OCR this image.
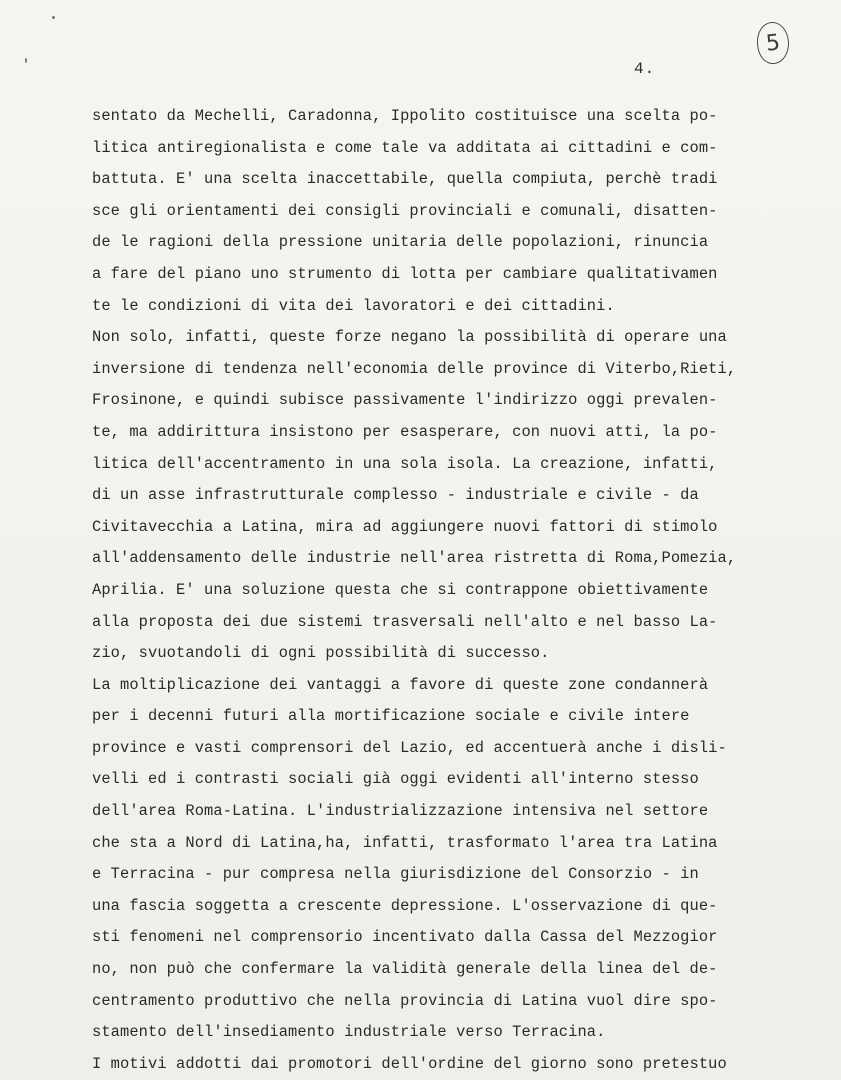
5
4.
sentato da Mechelli, Caradonna, Ippolito costituisce una scelta po-
litica antiregionalista e come tale va additata ai cittadini e com-
battuta. E' una scelta inaccettabile, quella compiuta, perchè tradi
sce gli orientamenti dei consigli provinciali e comunali, disatten-
de le ragioni della pressione unitaria delle popolazioni, rinuncia
a fare del piano uno strumento di lotta per cambiare qualitativamen
te le condizioni di vita dei lavoratori e dei cittadini.
Non solo, infatti, queste forze negano la possibilità di operare una
inversione di tendenza nell'economia delle province di Viterbo,Rieti,
Frosinone, e quindi subisce passivamente l'indirizzo oggi prevalen-
te, ma addirittura insistono per esasperare, con nuovi atti, la po-
litica dell'accentramento in una sola isola. La creazione, infatti,
di un asse infrastrutturale complesso - industriale e civile - da
Civitavecchia a Latina, mira ad aggiungere nuovi fattori di stimolo
all'addensamento delle industrie nell'area ristretta di Roma,Pomezia,
Aprilia. E' una soluzione questa che si contrappone obiettivamente
alla proposta dei due sistemi trasversali nell'alto e nel basso La-
zio, svuotandoli di ogni possibilità di successo.
La moltiplicazione dei vantaggi a favore di queste zone condannerà
per i decenni futuri alla mortificazione sociale e civile intere
province e vasti comprensori del Lazio, ed accentuerà anche i disli-
velli ed i contrasti sociali già oggi evidenti all'interno stesso
dell'area Roma-Latina. L'industrializzazione intensiva nel settore
che sta a Nord di Latina,ha, infatti, trasformato l'area tra Latina
e Terracina - pur compresa nella giurisdizione del Consorzio - in
una fascia soggetta a crescente depressione. L'osservazione di que-
sti fenomeni nel comprensorio incentivato dalla Cassa del Mezzogior
no, non può che confermare la validità generale della linea del de-
centramento produttivo che nella provincia di Latina vuol dire spo-
stamento dell'insediamento industriale verso Terracina.
I motivi addotti dai promotori dell'ordine del giorno sono pretestuo
